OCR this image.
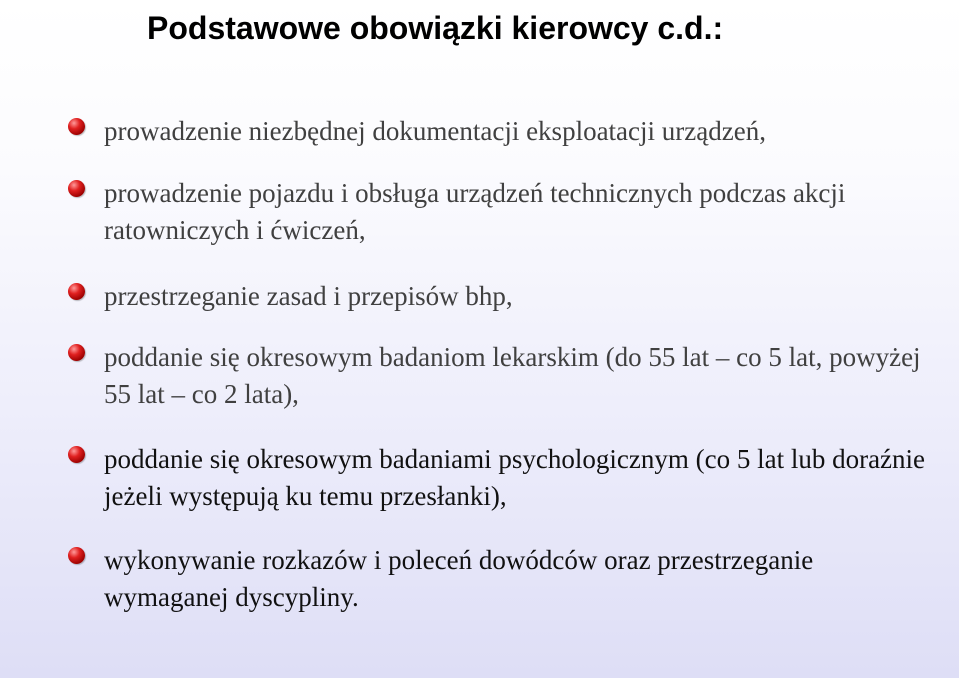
Podstawowe obowiązki kierowcy c.d.:
prowadzenie niezbędnej dokumentacji eksploatacji urządzeń,
prowadzenie pojazdu i obsługa urządzeń technicznych podczas akcji ratowniczych i ćwiczeń,
przestrzeganie zasad i przepisów bhp,
poddanie się okresowym badaniom lekarskim (do 55 lat – co 5 lat, powyżej 55 lat – co 2 lata),
poddanie się okresowym badaniami psychologicznym (co 5 lat lub doraźnie jeżeli występują ku temu przesłanki),
wykonywanie rozkazów i poleceń dowódców oraz przestrzeganie wymaganej dyscypliny.
